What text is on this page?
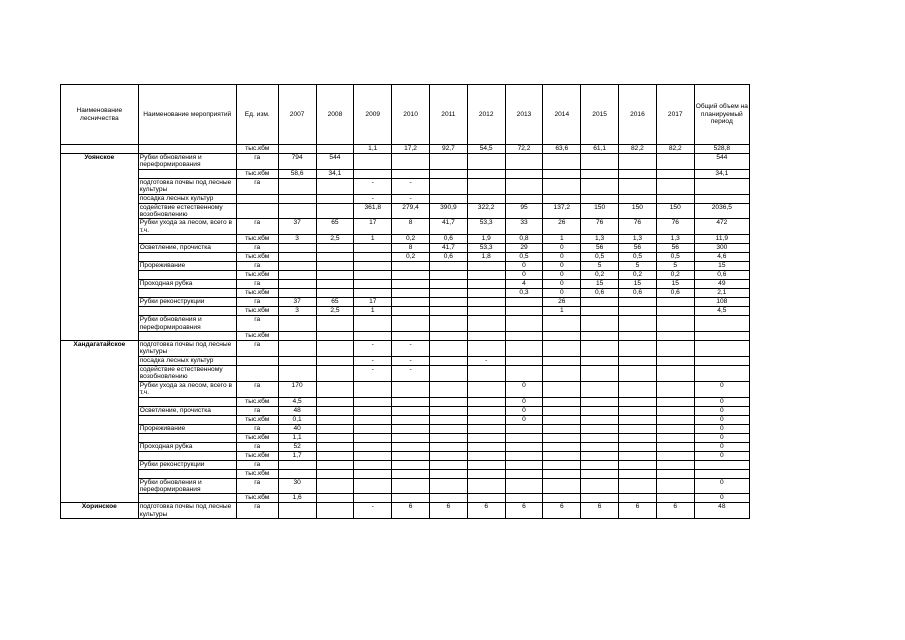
Наименование лесничества	Наименование мероприятий	Ед. изм.	2007	2008	2009	2010	2011	2012	2013	2014	2015	2016	2017	Общий объем на планируемый период
		тыс.кбм			1,1	17,2	92,7	54,5	72,2	63,6	61,1	82,2	82,2	528,8
Уоянское	Рубки обновления и переформирования	га	794	544										544
		тыс.кбм	58,6	34,1										34,1
	подготовка почвы под лесные культуры	га			-	-								
	посадка лесных культур				-	-								
	содействие естественному возобновлению				361,8	279,4	390,9	322,2	95	137,2	150	150	150	2036,5
	Рубки ухода за лесом, всего в т.ч.	га	37	65	17	8	41,7	53,3	33	26	76	76	76	472
		тыс.кбм	3	2,5	1	0,2	0,6	1,9	0,8	1	1,3	1,3	1,3	11,9
	Осветление, прочистка	га				8	41,7	53,3	29	0	56	56	56	300
		тыс.кбм				0,2	0,6	1,8	0,5	0	0,5	0,5	0,5	4,6
	Прореживание	га							0	0	5	5	5	15
		тыс.кбм							0	0	0,2	0,2	0,2	0,6
	Проходная рубка	га							4	0	15	15	15	49
		тыс.кбм							0,3	0	0,6	0,6	0,6	2,1
	Рубки реконструкции	га	37	65	17					26				108
		тыс.кбм	3	2,5	1					1				4,5
	Рубки обновления и переформироавния	га												
		тыс.кбм												
Хандагатайское	подготовка почвы под лесные культуры	га			-	-								
	посадка лесных культур				-	-		-						
	содействие естественному возобновлению				-	-								
	Рубки ухода за лесом, всего в т.ч.	га	170						0					0
		тыс.кбм	4,5						0					0
	Осветление, прочистка	га	48						0					0
		тыс.кбм	0,1						0					0
	Прореживание	га	40											0
		тыс.кбм	1,1											0
	Проходная рубка	га	52											0
		тыс.кбм	1,7											0
	Рубки реконструкции	га												
		тыс.кбм												
	Рубки обновления и переформирования	га	30											0
		тыс.кбм	1,6											0
Хоринское	подготовка почвы под лесные культуры	га			-	6	6	6	6	6	6	6	6	48
